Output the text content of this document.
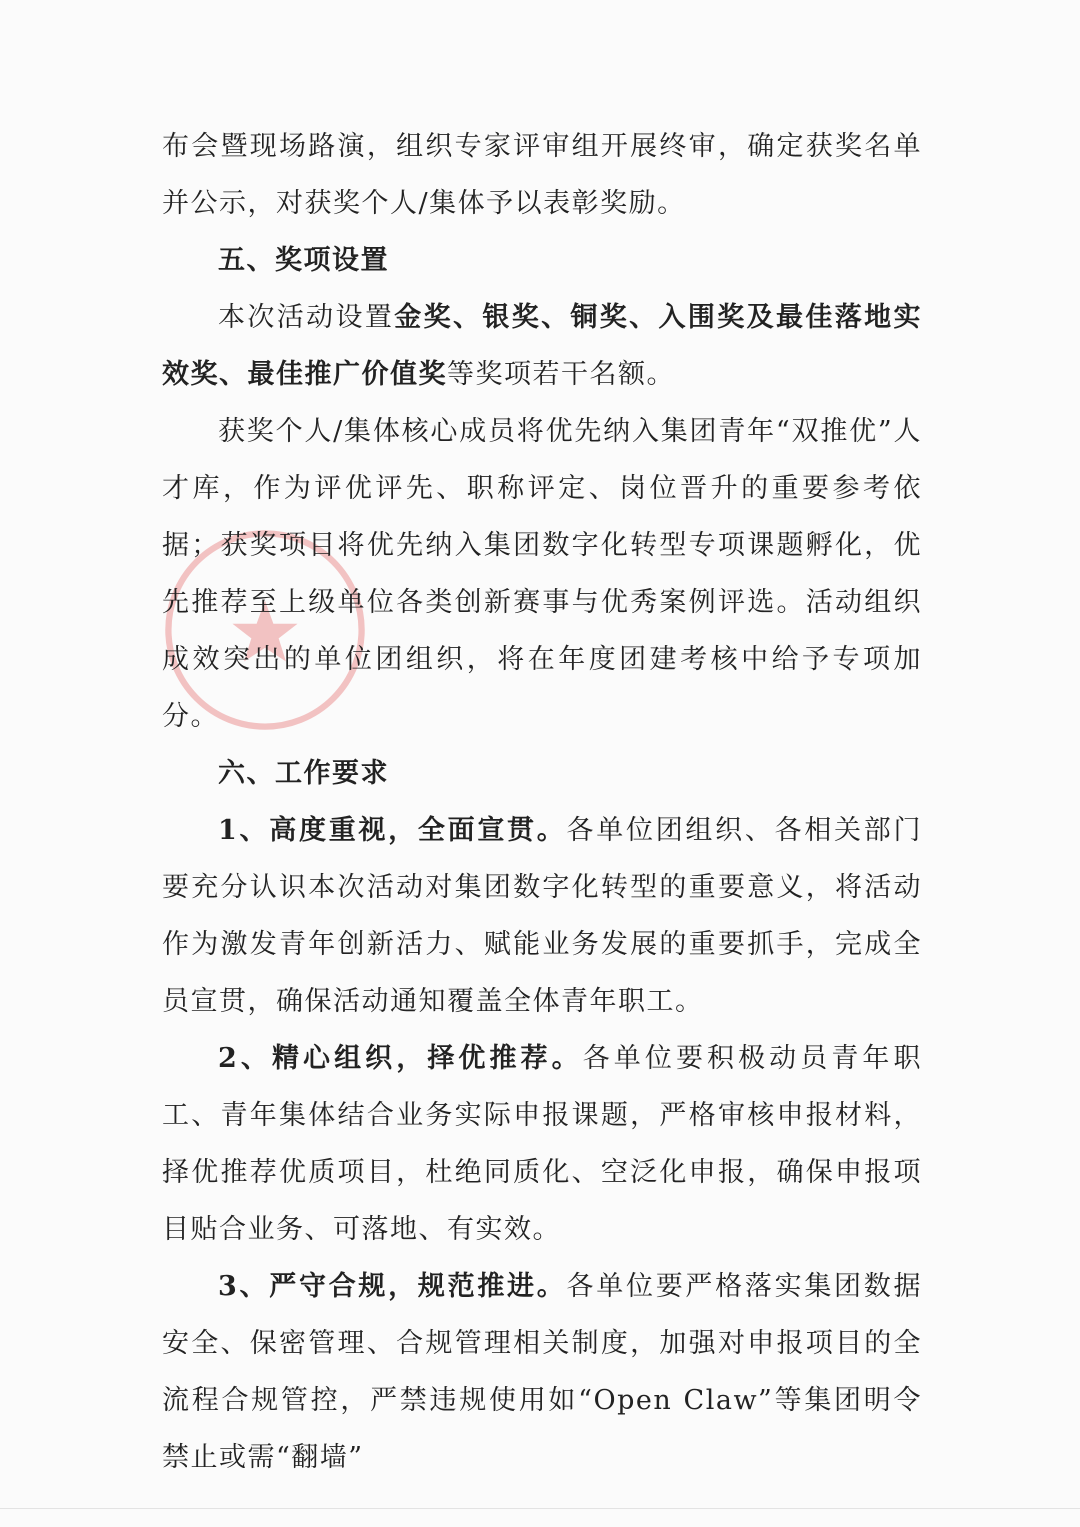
布会暨现场路演，组织专家评审组开展终审，确定获奖名单并公示，对获奖个人/集体予以表彰奖励。

五、奖项设置

本次活动设置金奖、银奖、铜奖、入围奖及最佳落地实效奖、最佳推广价值奖等奖项若干名额。

获奖个人/集体核心成员将优先纳入集团青年“双推优”人才库，作为评优评先、职称评定、岗位晋升的重要参考依据；获奖项目将优先纳入集团数字化转型专项课题孵化，优先推荐至上级单位各类创新赛事与优秀案例评选。活动组织成效突出的单位团组织，将在年度团建考核中给予专项加分。

六、工作要求

1、高度重视，全面宣贯。各单位团组织、各相关部门要充分认识本次活动对集团数字化转型的重要意义，将活动作为激发青年创新活力、赋能业务发展的重要抓手，完成全员宣贯，确保活动通知覆盖全体青年职工。

2、精心组织，择优推荐。各单位要积极动员青年职工、青年集体结合业务实际申报课题，严格审核申报材料，择优推荐优质项目，杜绝同质化、空泛化申报，确保申报项目贴合业务、可落地、有实效。

3、严守合规，规范推进。各单位要严格落实集团数据安全、保密管理、合规管理相关制度，加强对申报项目的全流程合规管控，严禁违规使用如“Open Claw”等集团明令禁止或需“翻墙”
